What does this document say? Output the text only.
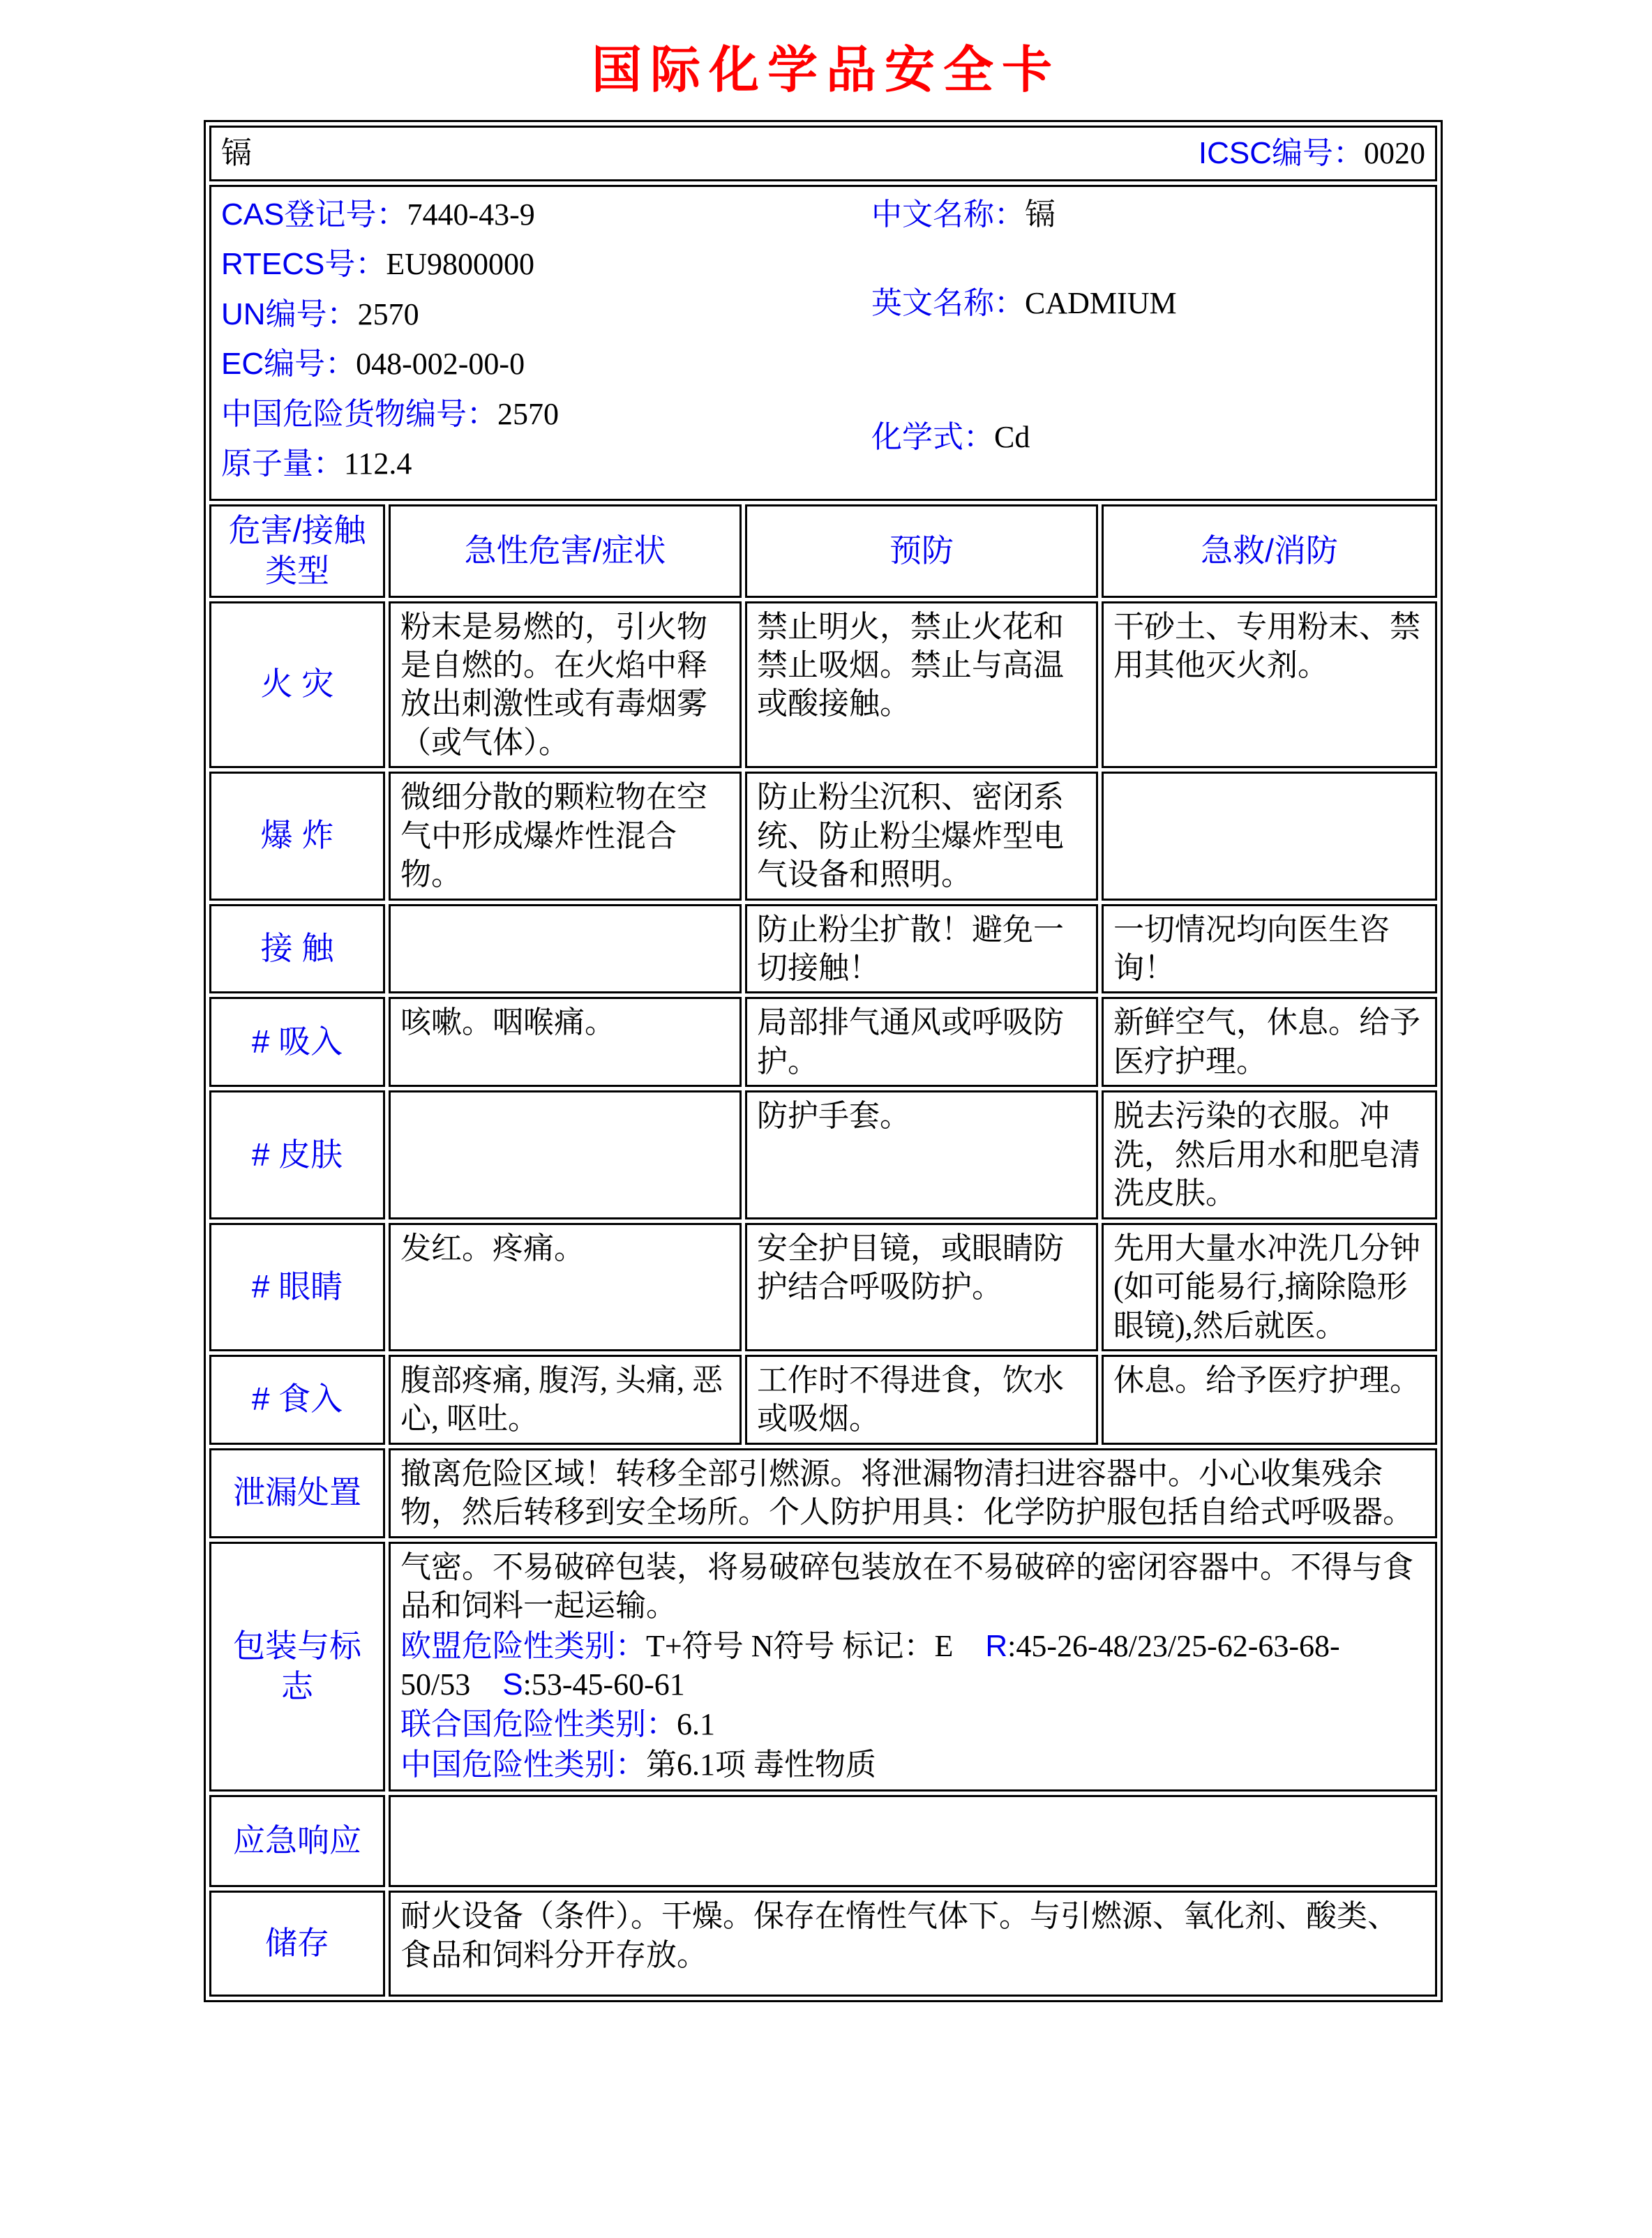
国际化学品安全卡
镉 ICSC编号：0020			

CAS登记号：7440-43-9
RTECS号：EU9800000
UN编号：2570
EC编号：048-002-00-0
中国危险货物编号：2570
原子量：112.4
中文名称：镉
英文名称：CADMIUM
化学式：Cd

危害/接触
类型	急性危害/症状	预防	急救/消防
火 灾	粉末是易燃的，引火物是自燃的。在火焰中释放出刺激性或有毒烟雾（或气体）。	禁止明火，禁止火花和禁止吸烟。禁止与高温或酸接触。	干砂土、专用粉末、禁用其他灭火剂。
爆 炸	微细分散的颗粒物在空气中形成爆炸性混合物。	防止粉尘沉积、密闭系统、防止粉尘爆炸型电气设备和照明。	
接 触		防止粉尘扩散！避免一切接触！	一切情况均向医生咨询！
# 吸入	咳嗽。咽喉痛。	局部排气通风或呼吸防护。	新鲜空气，休息。给予医疗护理。
# 皮肤		防护手套。	脱去污染的衣服。冲洗，然后用水和肥皂清洗皮肤。
# 眼睛	发红。疼痛。	安全护目镜，或眼睛防护结合呼吸防护。	先用大量水冲洗几分钟(如可能易行,摘除隐形眼镜),然后就医。
# 食入	腹部疼痛, 腹泻, 头痛, 恶心, 呕吐。	工作时不得进食，饮水或吸烟。	休息。给予医疗护理。
泄漏处置	撤离危险区域！转移全部引燃源。将泄漏物清扫进容器中。小心收集残余物，然后转移到安全场所。个人防护用具：化学防护服包括自给式呼吸器。		
包装与标志	气密。不易破碎包装，将易破碎包装放在不易破碎的密闭容器中。不得与食品和饲料一起运输。
欧盟危险性类别：T+符号 N符号 标记：E R:45-26-48/23/25-62-63-68-50/53 S:53-45-60-61
联合国危险性类别：6.1
中国危险性类别：第6.1项 毒性物质		

应急响应			
储存	耐火设备（条件）。干燥。保存在惰性气体下。与引燃源、氧化剂、酸类、食品和饲料分开存放。		
